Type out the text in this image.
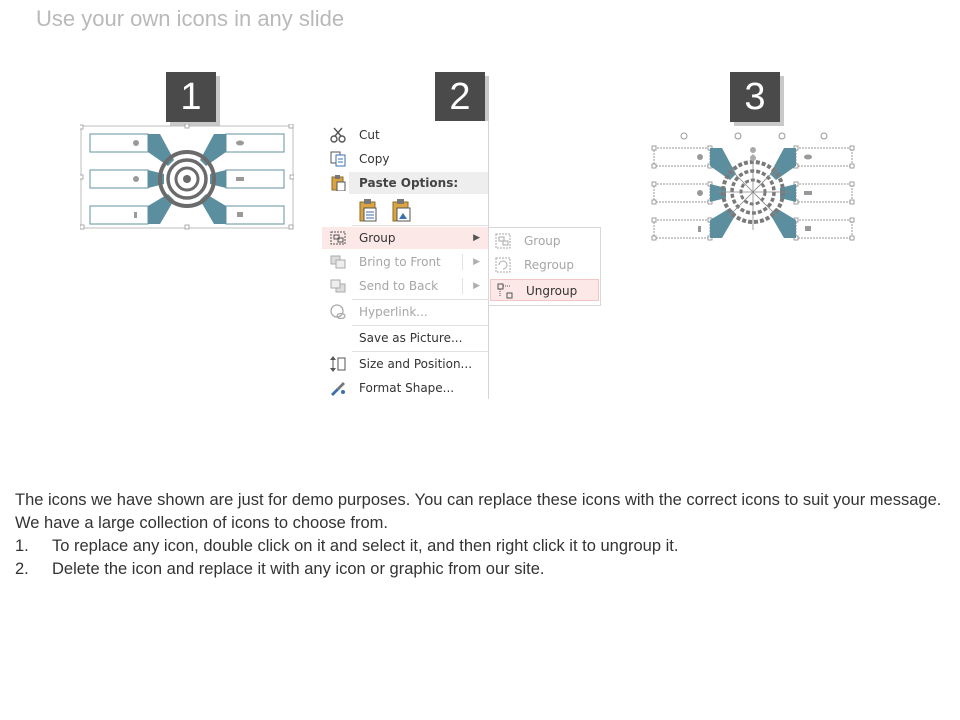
Use your own icons in any slide
1	2	3
Cut
Copy
Paste Options:
Group	▶
Bring to Front	▶
Send to Back	▶
Hyperlink...
Save as Picture...
Size and Position...
Format Shape...
Group
Regroup
Ungroup

The icons we have shown are just for demo purposes. You can replace these icons with the correct icons to suit your message. We have a large collection of icons to choose from.

1. To replace any icon, double click on it and select it, and then right click it to ungroup it.
2. Delete the icon and replace it with any icon or graphic from our site.
